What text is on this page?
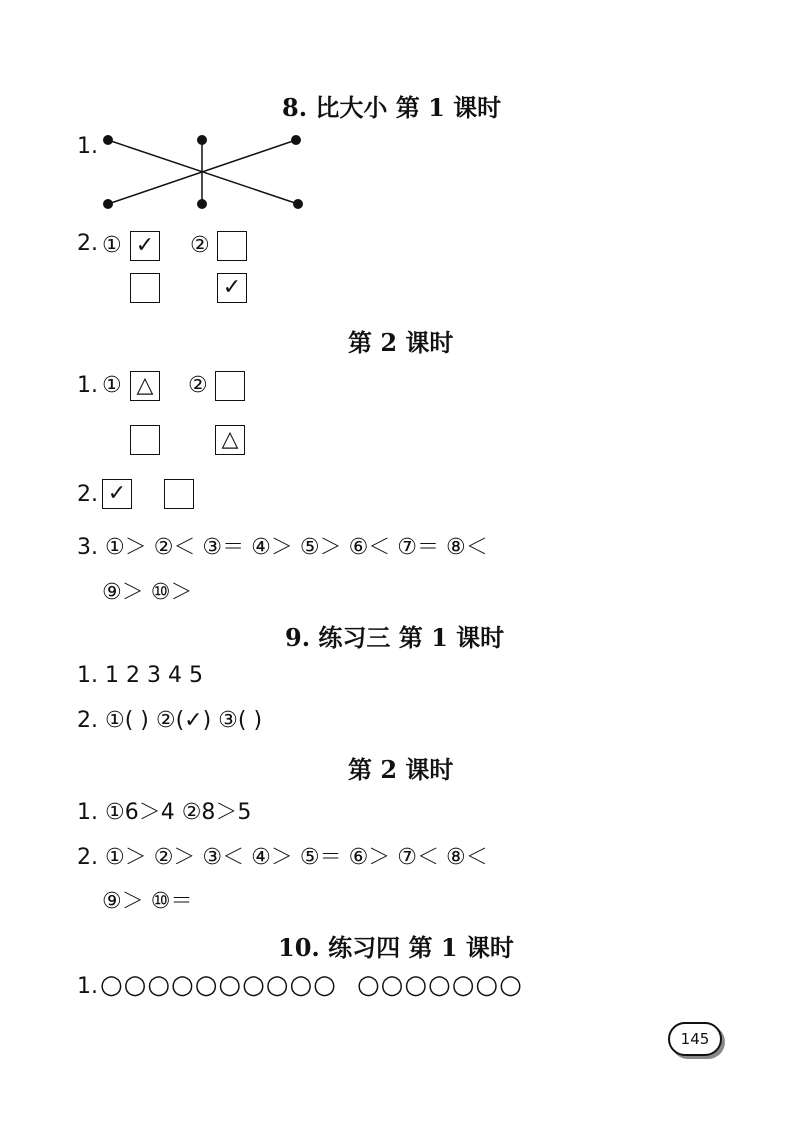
8. 比大小 第 1 课时
1.
2. ① ✓ ②
✓
第 2 课时
1. ① △ ②
△
2. ✓
3. ①＞ ②＜ ③＝ ④＞ ⑤＞ ⑥＜ ⑦＝ ⑧＜
⑨＞ ⑩＞
9. 练习三 第 1 课时
1. 1 2 3 4 5
2. ①( ) ②(✓) ③( )
第 2 课时
1. ①6＞4 ②8＞5
2. ①＞ ②＞ ③＜ ④＞ ⑤＝ ⑥＞ ⑦＜ ⑧＜
⑨＞ ⑩＝
10. 练习四 第 1 课时
1. ○○○○○○○○○○ ○○○○○○○
145
